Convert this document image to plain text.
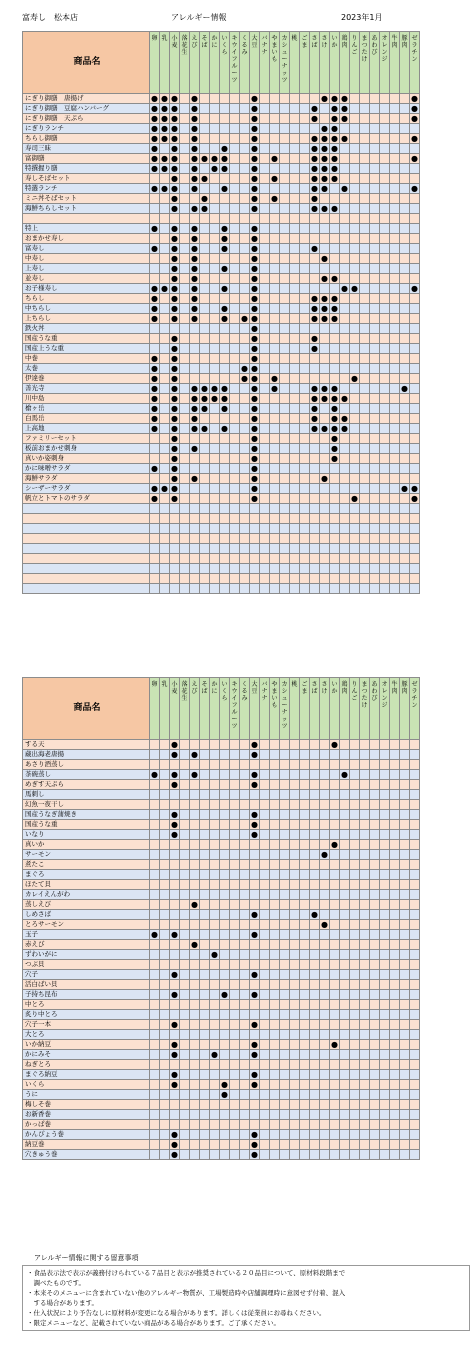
富寿し　松本店	アレルギー情報	2023年1月
商品名	卵	乳	小麦	落花生	えび	そば	かに	いくら	キウイフルーツ	くるみ	大豆	バナナ	やまいも	カシューナッツ	桃	ごま	さば	さけ	いか	鶏肉	りんご	まつたけ	あわび	オレンジ	牛肉	豚肉	ゼラチン

にぎり御膳　唐揚げ	●	●	●		●						●							●	●	●							●
にぎり御膳　豆腐ハンバーグ	●	●	●		●						●						●		●	●							●
にぎり御膳　天ぷら	●	●	●		●						●						●		●	●							●
にぎりランチ	●	●	●		●						●							●	●								
ちらし御膳	●	●	●		●						●						●	●	●	●							●
寿司三昧	●		●		●			●			●						●	●	●								
富御膳	●	●	●		●	●	●	●			●		●				●	●	●								●
特撰握り膳	●	●	●		●		●	●			●						●	●	●								
寿しそばセット			●		●	●					●		●				●	●	●								
特選ランチ	●	●	●		●			●			●						●	●		●							●
ミニ丼そばセット			●			●					●		●				●										
海鮮ちらしセット			●		●	●					●						●	●	●								

特上	●		●		●			●			●																
おまかせ寿し			●		●			●			●																
富寿し	●		●		●			●			●						●										
中寿し			●		●						●							●									
上寿し			●		●			●			●																
並寿し			●		●						●							●	●								
お子様寿し	●	●	●		●			●			●									●	●						●
ちらし	●		●		●						●						●	●	●								
中ちらし	●		●		●			●			●						●	●	●								
上ちらし	●		●		●			●		●	●						●	●	●								
鉄火丼											●																
国産うな重			●								●						●										
国産上うな重			●								●						●										
中巻	●		●								●																
太巻	●		●							●	●																
伊達巻	●		●							●	●		●								●						
善光寺	●		●		●	●	●	●			●		●				●	●	●							●	
川中島	●		●		●	●	●	●			●						●	●	●	●							
槍ヶ岳	●		●		●	●		●			●						●		●								
白馬岳	●		●		●						●						●		●	●							
上高地	●		●		●	●		●			●						●	●	●	●							
ファミリーセット			●								●								●								
板前おまかせ刺身			●		●						●								●								
真いか姿刺身			●								●								●								
かに味噌サラダ	●		●								●																
海鮮サラダ			●		●						●							●									
シーザーサラダ	●	●	●								●															●	●
帆立とトマトのサラダ	●		●								●										●						●

商品名	卵	乳	小麦	落花生	えび	そば	かに	いくら	キウイフルーツ	くるみ	大豆	バナナ	やまいも	カシューナッツ	桃	ごま	さば	さけ	いか	鶏肉	りんご	まつたけ	あわび	オレンジ	牛肉	豚肉	ゼラチン

する天			●								●								●								
蔵出海老唐揚			●		●						●																
あさり酒蒸し																											
茶碗蒸し	●		●		●						●									●							
めぎす天ぷら			●								●																
馬刺し																											
幻魚一夜干し																											
国産うなぎ蒲焼き			●								●																
国産うな重			●								●																
いなり			●								●																
真いか																			●								
サーモン																		●									
煮たこ																											
まぐろ																											
ほたて貝																											
カレイえんがわ																											
蒸しえび					●																						
しめさば											●						●										
とろサーモン																		●									
玉子	●		●								●																
赤えび					●																						
ずわいがに							●																				
つぶ貝																											
穴子			●								●																
活白ばい貝																											
子持ち昆布			●					●			●																
中とろ																											
炙り中とろ																											
穴子一本			●								●																
大とろ																											
いか納豆			●								●								●								
かにみそ			●				●				●																
ねぎとろ																											
まぐろ納豆			●								●																
いくら			●					●			●																
うに								●																			
梅しそ巻																											
お新香巻																											
かっぱ巻																											
かんぴょう巻			●								●																
納豆巻			●								●																
穴きゅう巻			●								●																
アレルギー情報に関する留意事項
・食品表示法で表示が義務付けられている７品目と表示が推奨されている２０品目について、原材料段階まで
　調べたものです。
・本来そのメニューに含まれていない他のアレルギー物質が、工場製造時や店舗調理時に意図せず付着、混入
　する場合があります。
・仕入状況により予告なしに原材料が変更になる場合があります。詳しくは従業員にお尋ねください。
・限定メニューなど、記載されていない商品がある場合があります。ご了承ください。
